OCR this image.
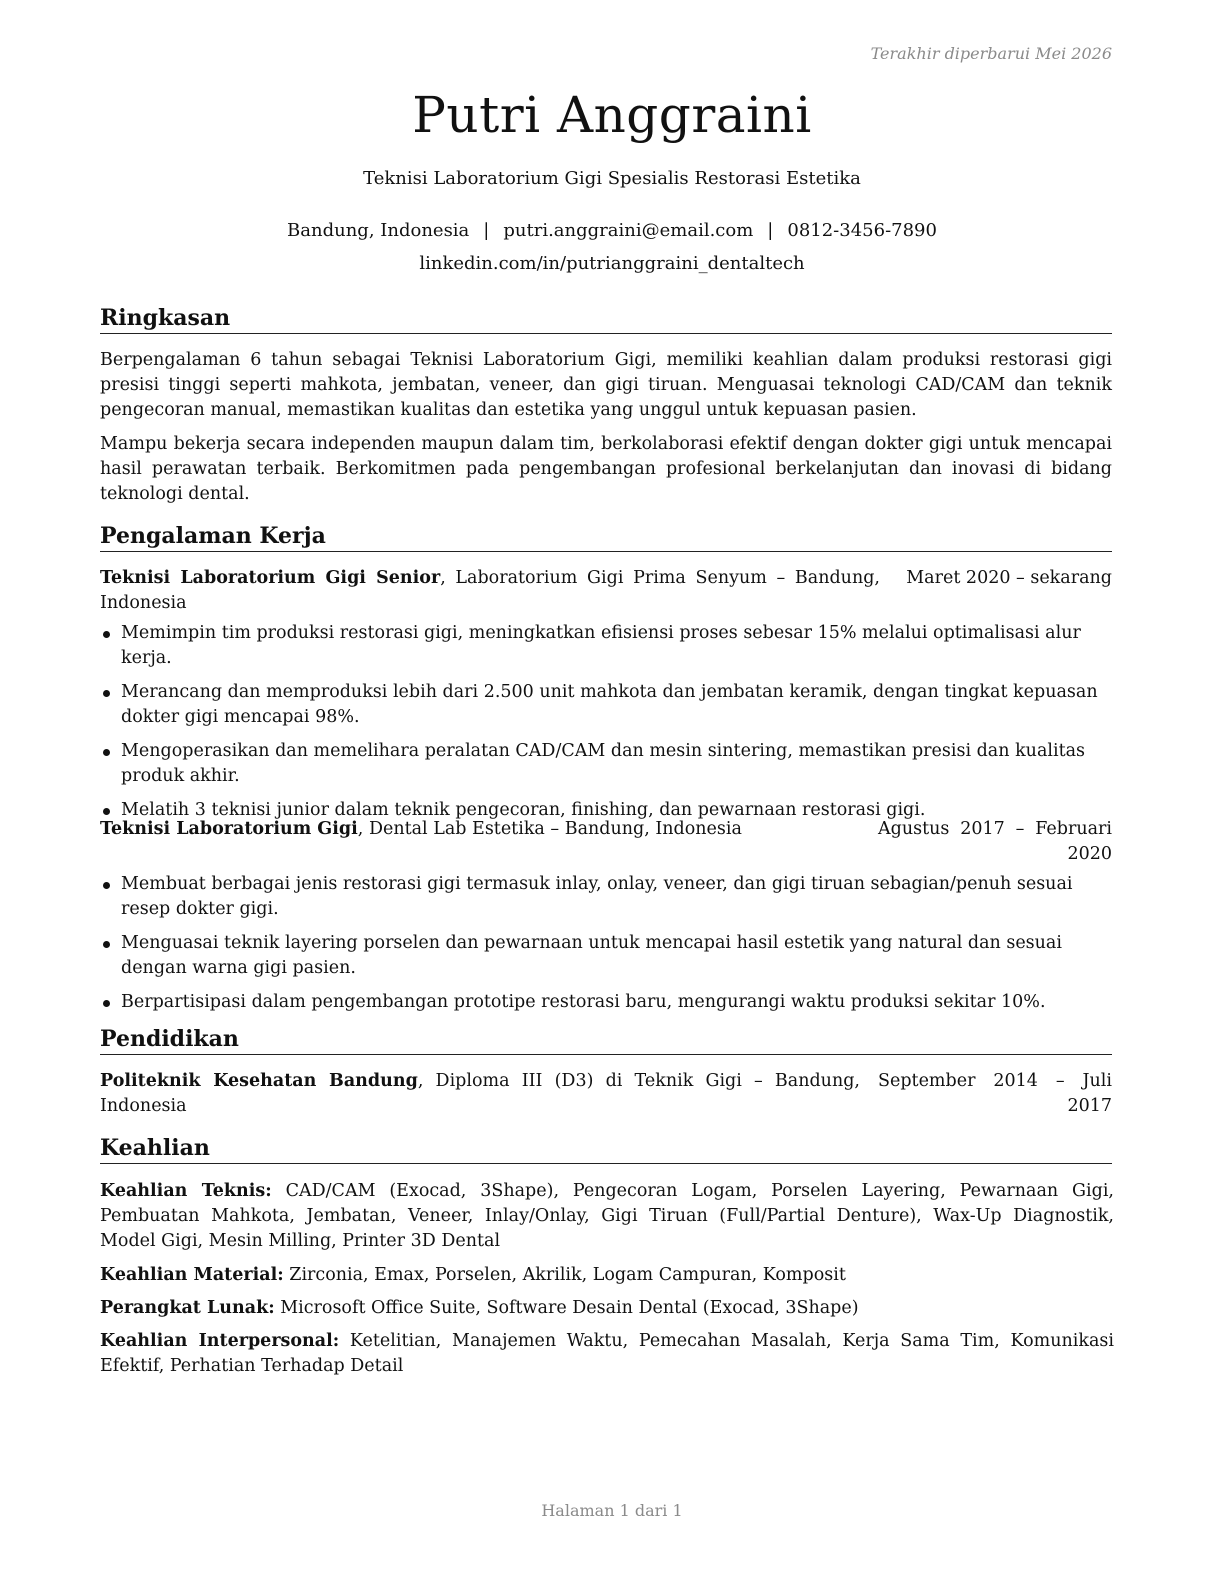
Terakhir diperbarui Mei 2026
Putri Anggraini
Teknisi Laboratorium Gigi Spesialis Restorasi Estetika
Bandung, Indonesia | putri.anggraini@email.com | 0812-3456-7890
linkedin.com/in/putrianggraini_dentaltech
Ringkasan
Berpengalaman 6 tahun sebagai Teknisi Laboratorium Gigi, memiliki keahlian dalam produksi restorasi gigi presisi tinggi seperti mahkota, jembatan, veneer, dan gigi tiruan. Menguasai teknologi CAD/CAM dan teknik pengecoran manual, memastikan kualitas dan estetika yang unggul untuk kepuasan pasien.
Mampu bekerja secara independen maupun dalam tim, berkolaborasi efektif dengan dokter gigi untuk mencapai hasil perawatan terbaik. Berkomitmen pada pengembangan profesional berkelanjutan dan inovasi di bidang teknologi dental.
Pengalaman Kerja
Teknisi Laboratorium Gigi Senior, Laboratorium Gigi Prima Senyum – Bandung, Indonesia
Maret 2020 – sekarang
Memimpin tim produksi restorasi gigi, meningkatkan efisiensi proses sebesar 15% melalui optimalisasi alur kerja.
Merancang dan memproduksi lebih dari 2.500 unit mahkota dan jembatan keramik, dengan tingkat kepuasan dokter gigi mencapai 98%.
Mengoperasikan dan memelihara peralatan CAD/CAM dan mesin sintering, memastikan presisi dan kualitas produk akhir.
Melatih 3 teknisi junior dalam teknik pengecoran, finishing, dan pewarnaan restorasi gigi.
Teknisi Laboratorium Gigi, Dental Lab Estetika – Bandung, Indonesia	Agustus 2017 – Februari 2020
Membuat berbagai jenis restorasi gigi termasuk inlay, onlay, veneer, dan gigi tiruan sebagian/penuh sesuai resep dokter gigi.
Menguasai teknik layering porselen dan pewarnaan untuk mencapai hasil estetik yang natural dan sesuai dengan warna gigi pasien.
Berpartisipasi dalam pengembangan prototipe restorasi baru, mengurangi waktu produksi sekitar 10%.
Pendidikan
Politeknik Kesehatan Bandung, Diploma III (D3) di Teknik Gigi – Bandung, Indonesia
September 2014 – Juli 2017
Keahlian
Keahlian Teknis: CAD/CAM (Exocad, 3Shape), Pengecoran Logam, Porselen Layering, Pewarnaan Gigi, Pembuatan Mahkota, Jembatan, Veneer, Inlay/Onlay, Gigi Tiruan (Full/Partial Denture), Wax-Up Diagnostik, Model Gigi, Mesin Milling, Printer 3D Dental
Keahlian Material: Zirconia, Emax, Porselen, Akrilik, Logam Campuran, Komposit
Perangkat Lunak: Microsoft Office Suite, Software Desain Dental (Exocad, 3Shape)
Keahlian Interpersonal: Ketelitian, Manajemen Waktu, Pemecahan Masalah, Kerja Sama Tim, Komunikasi Efektif, Perhatian Terhadap Detail
Halaman 1 dari 1
